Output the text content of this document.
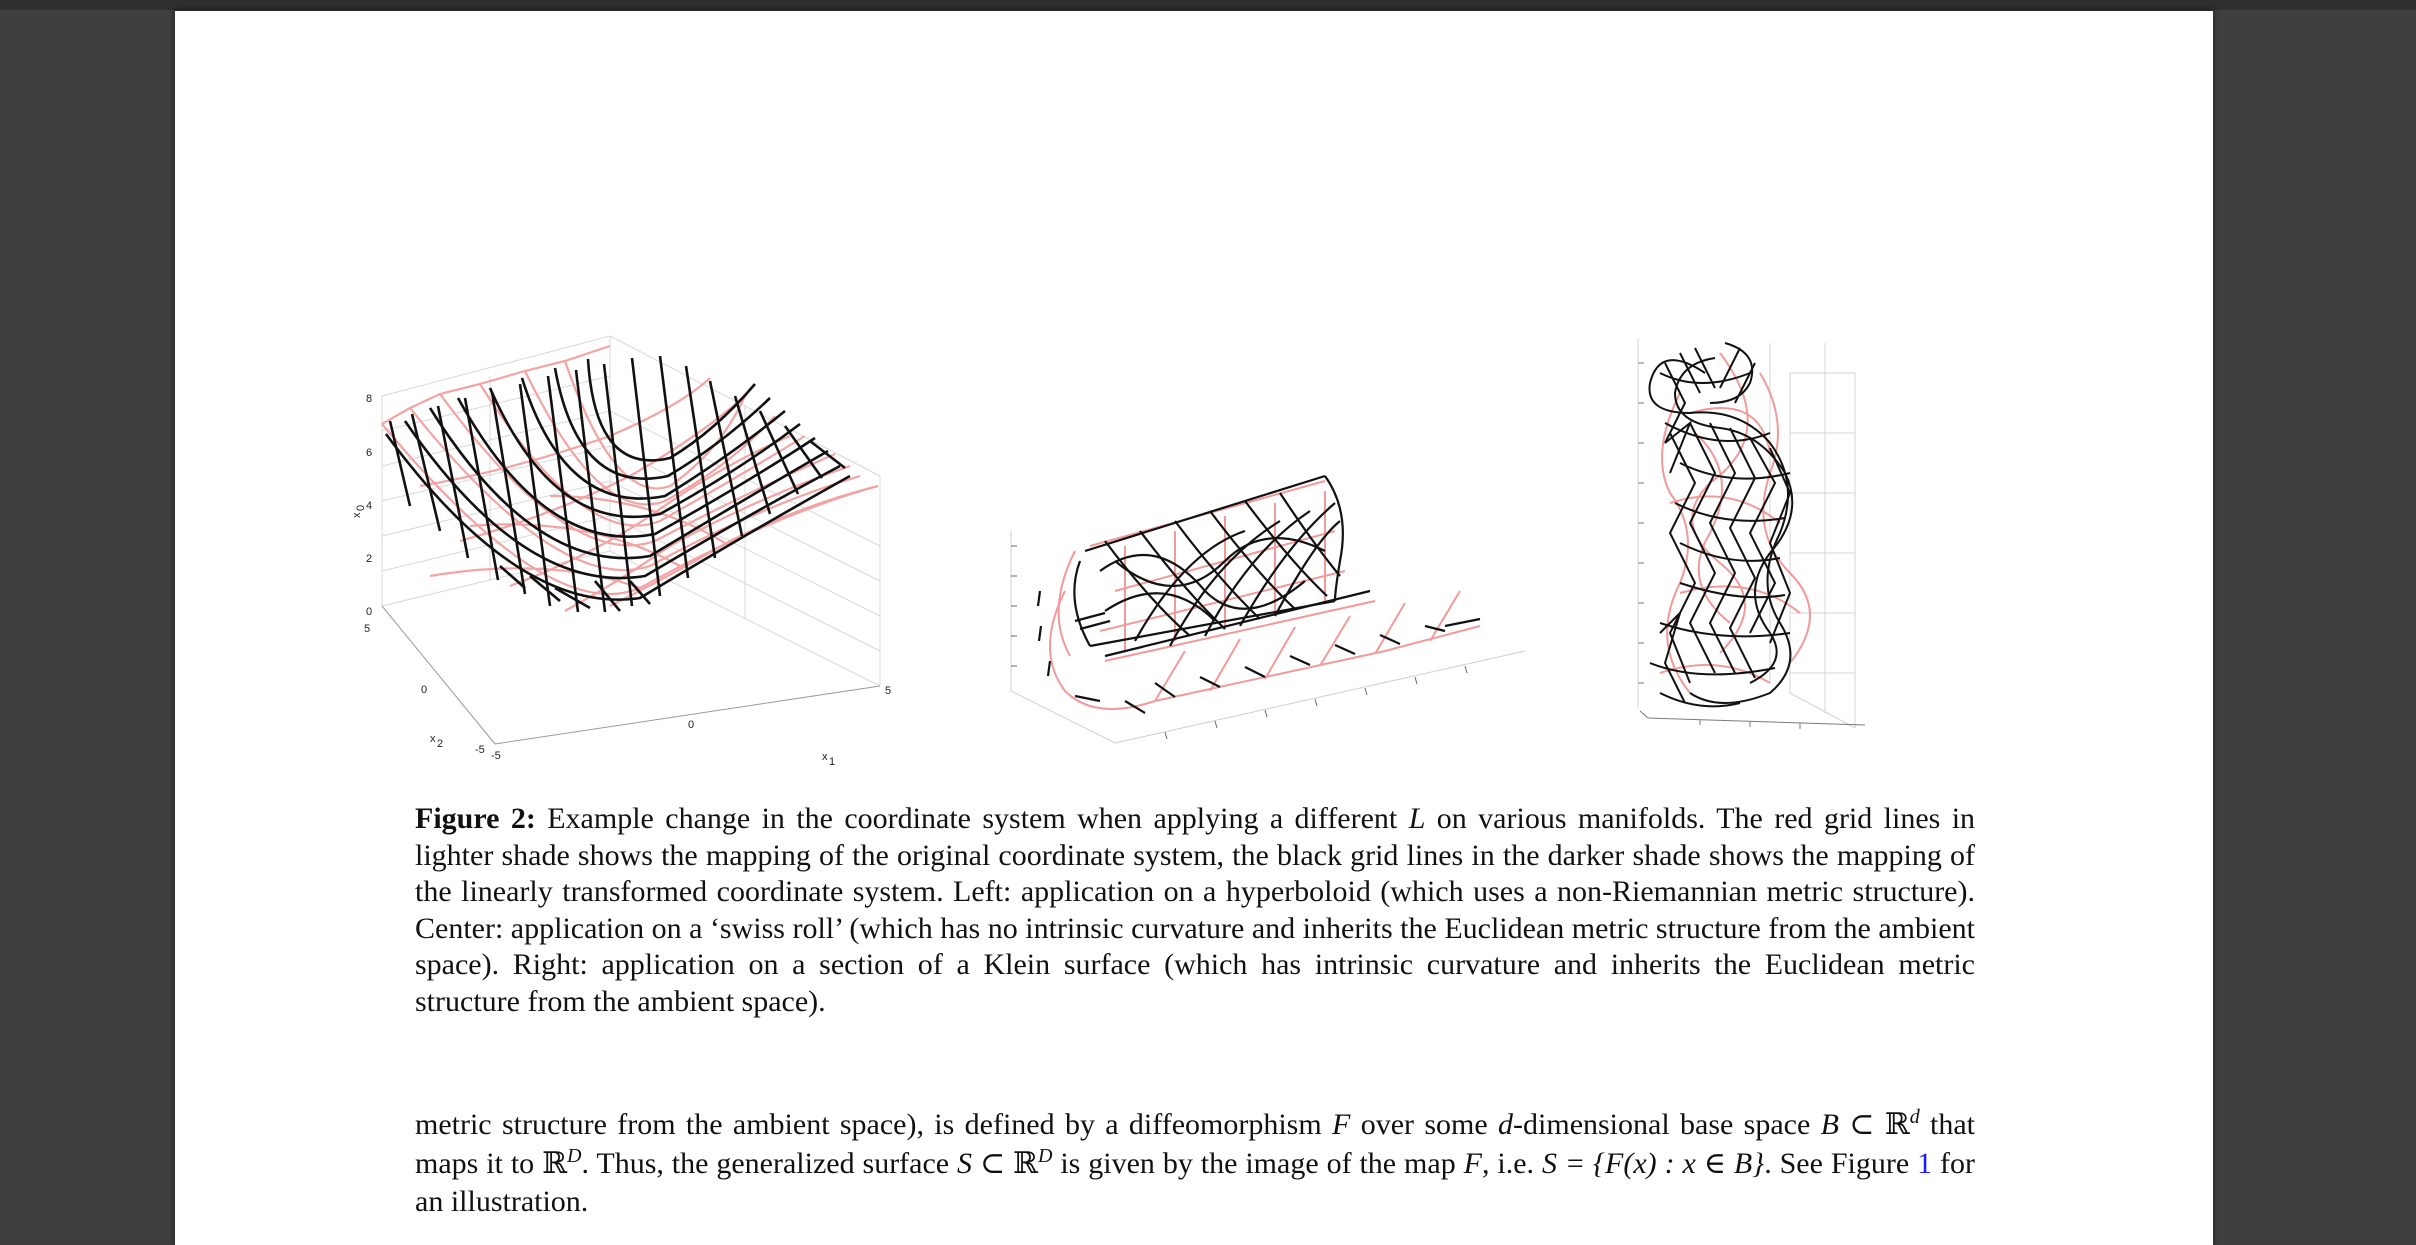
8
6
4
2
0
x
0
5
0
-5
x 2
-5
0
5
x 1
Figure 2: Example change in the coordinate system when applying a different L on various manifolds. The red grid lines in lighter shade shows the mapping of the original coordinate system, the black grid lines in the darker shade shows the mapping of the linearly transformed coordinate system. Left: application on a hyperboloid (which uses a non-Riemannian metric structure). Center: application on a ‘swiss roll’ (which has no intrinsic curvature and inherits the Euclidean metric structure from the ambient space). Right: application on a section of a Klein surface (which has intrinsic curvature and inherits the Euclidean metric structure from the ambient space).
metric structure from the ambient space), is defined by a diffeomorphism F over some d-dimensional base space B ⊂ ℝ$^d$ that maps it to ℝ$^D$. Thus, the generalized surface S ⊂ ℝ$^D$ is given by the image of the map F, i.e. S = {F(x) : x ∈ B}. See Figure 1 for an illustration.
